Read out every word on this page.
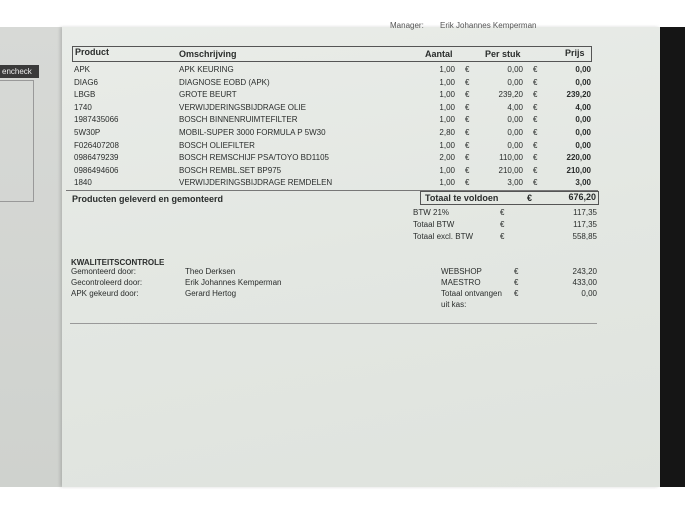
encheck
Manager: Erik Johannes Kemperman
Product	Omschrijving	Aantal	Per stuk	Prijs
APK	APK KEURING	1,00 €	0,00 €	0,00
DIAG6	DIAGNOSE EOBD (APK)	1,00 €	0,00 €	0,00
LBGB	GROTE BEURT	1,00 €	239,20 €	239,20
1740	VERWIJDERINGSBIJDRAGE OLIE	1,00 €	4,00 €	4,00
1987435066	BOSCH BINNENRUIMTEFILTER	1,00 €	0,00 €	0,00
5W30P	MOBIL-SUPER 3000 FORMULA P 5W30	2,80 €	0,00 €	0,00
F026407208	BOSCH OLIEFILTER	1,00 €	0,00 €	0,00
0986479239	BOSCH REMSCHIJF PSA/TOYO BD1105	2,00 €	110,00 €	220,00
0986494606	BOSCH REMBL.SET BP975	1,00 €	210,00 €	210,00
1840	VERWIJDERINGSBIJDRAGE REMDELEN	1,00 €	3,00 €	3,00
Producten geleverd en gemonteerd	Totaal te voldoen	€	676,20
BTW 21%	€	117,35
Totaal BTW	€	117,35
Totaal excl. BTW	€	558,85
KWALITEITSCONTROLE
Gemonteerd door:	Theo Derksen
Gecontroleerd door:	Erik Johannes Kemperman
APK gekeurd door:	Gerard Hertog
WEBSHOP	€	243,20
MAESTRO	€	433,00
Totaal ontvangen €	0,00
uit kas:
